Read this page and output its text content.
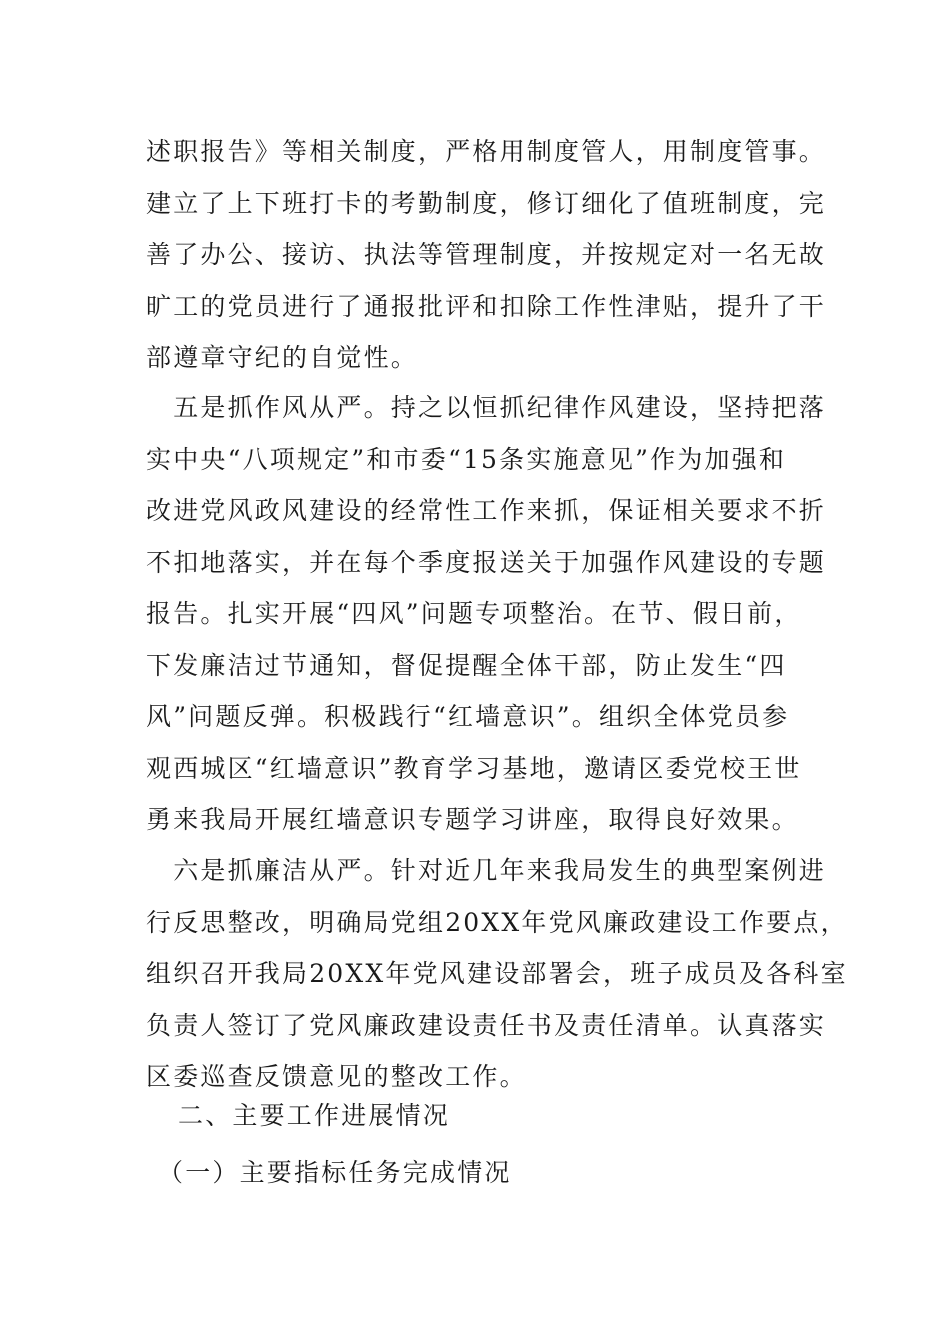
述职报告》等相关制度，严格用制度管人，用制度管事。
建立了上下班打卡的考勤制度，修订细化了值班制度，完
善了办公、接访、执法等管理制度，并按规定对一名无故
旷工的党员进行了通报批评和扣除工作性津贴，提升了干
部遵章守纪的自觉性。
　五是抓作风从严。持之以恒抓纪律作风建设，坚持把落
实中央“八项规定”和市委“15条实施意见”作为加强和
改进党风政风建设的经常性工作来抓，保证相关要求不折
不扣地落实，并在每个季度报送关于加强作风建设的专题
报告。扎实开展“四风”问题专项整治。在节、假日前，
下发廉洁过节通知，督促提醒全体干部，防止发生“四
风”问题反弹。积极践行“红墙意识”。组织全体党员参
观西城区“红墙意识”教育学习基地，邀请区委党校王世
勇来我局开展红墙意识专题学习讲座，取得良好效果。
　六是抓廉洁从严。针对近几年来我局发生的典型案例进
行反思整改，明确局党组20XX年党风廉政建设工作要点，
组织召开我局20XX年党风建设部署会，班子成员及各科室
负责人签订了党风廉政建设责任书及责任清单。认真落实
区委巡查反馈意见的整改工作。
二、主要工作进展情况
（一）主要指标任务完成情况
